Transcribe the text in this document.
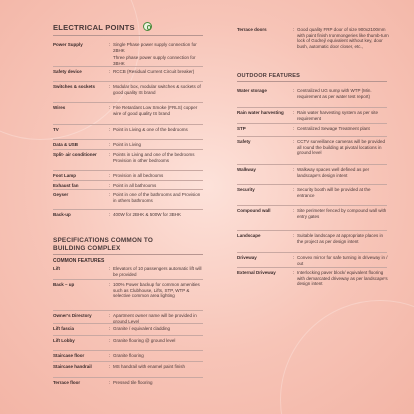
ELECTRICAL POINTS
Power Supply	: Single Phase power supply connection for 2BHK
Three phase power supply connection for 3BHK
Safety device	: RCCB (Residual Current Circuit breaker)
Switches & sockets	: Modular box, modular switches & sockets of good quality IS brand
Wires	: Fire Retardant Low Smoke (FRLS) copper wire of good quality IS brand
TV	: Point in Living & one of the bedrooms
Data & USB	: Point in Living
Split- air conditioner	: Points in Living and one of the bedrooms Provision in other bedrooms
Foot Lamp	: Provision in all bedrooms
Exhaust fan	: Point in all bathrooms
Geyser	: Point in one of the bathrooms and Provision in others bathrooms
Back-up	: 400W for 2BHK & 500W for 3BHK
SPECIFICATIONS COMMON TO
BUILDING COMPLEX
COMMON FEATURES
Lift	: Elevators of 10 passengers automatic lift will be provided
Back – up	: 100% Power backup for common amenities such as Clubhouse, Lifts, STP, WTP & selective common area lighting
Owner's Directory	: Apartment owner name will be provided in ground Level
Lift fascia	: Granite / equivalent cladding
Lift Lobby	: Granite flooring @ ground level
Staircase floor	: Granite flooring
Staircase handrail	: MS handrail with enamel paint finish
Terrace floor	: Pressed tile flooring
Terrace doors	: Good quality FRP door of size 900x2100mm with paint finish Ironmongeries like thumb-turn lock of Godrej/ equivalent without key, door bush, automatic door closer, etc.,
OUTDOOR FEATURES
Water storage	: Centralized UG sump with WTP (Min. requirement as per water test report)
Rain water harvesting	: Rain water harvesting system as per site requirement
STP	: Centralized Sewage Treatment plant
Safety	: CCTV surveillance cameras will be provided all round the building at pivotal locations in ground level
Walkway	: Walkway spaces well defined as per landscape's design intent
Security	: Security booth will be provided at the entrance
Compound wall	: Site perimeter fenced by compound wall with entry gates
Landscape	: Suitable landscape at appropriate places in the project as per design intent
Driveway	: Convex mirror for safe turning in driveway in / out
External Driveway	: Interlocking paver block/ equivalent flooring with demarcated driveway as per landscape's design intent
